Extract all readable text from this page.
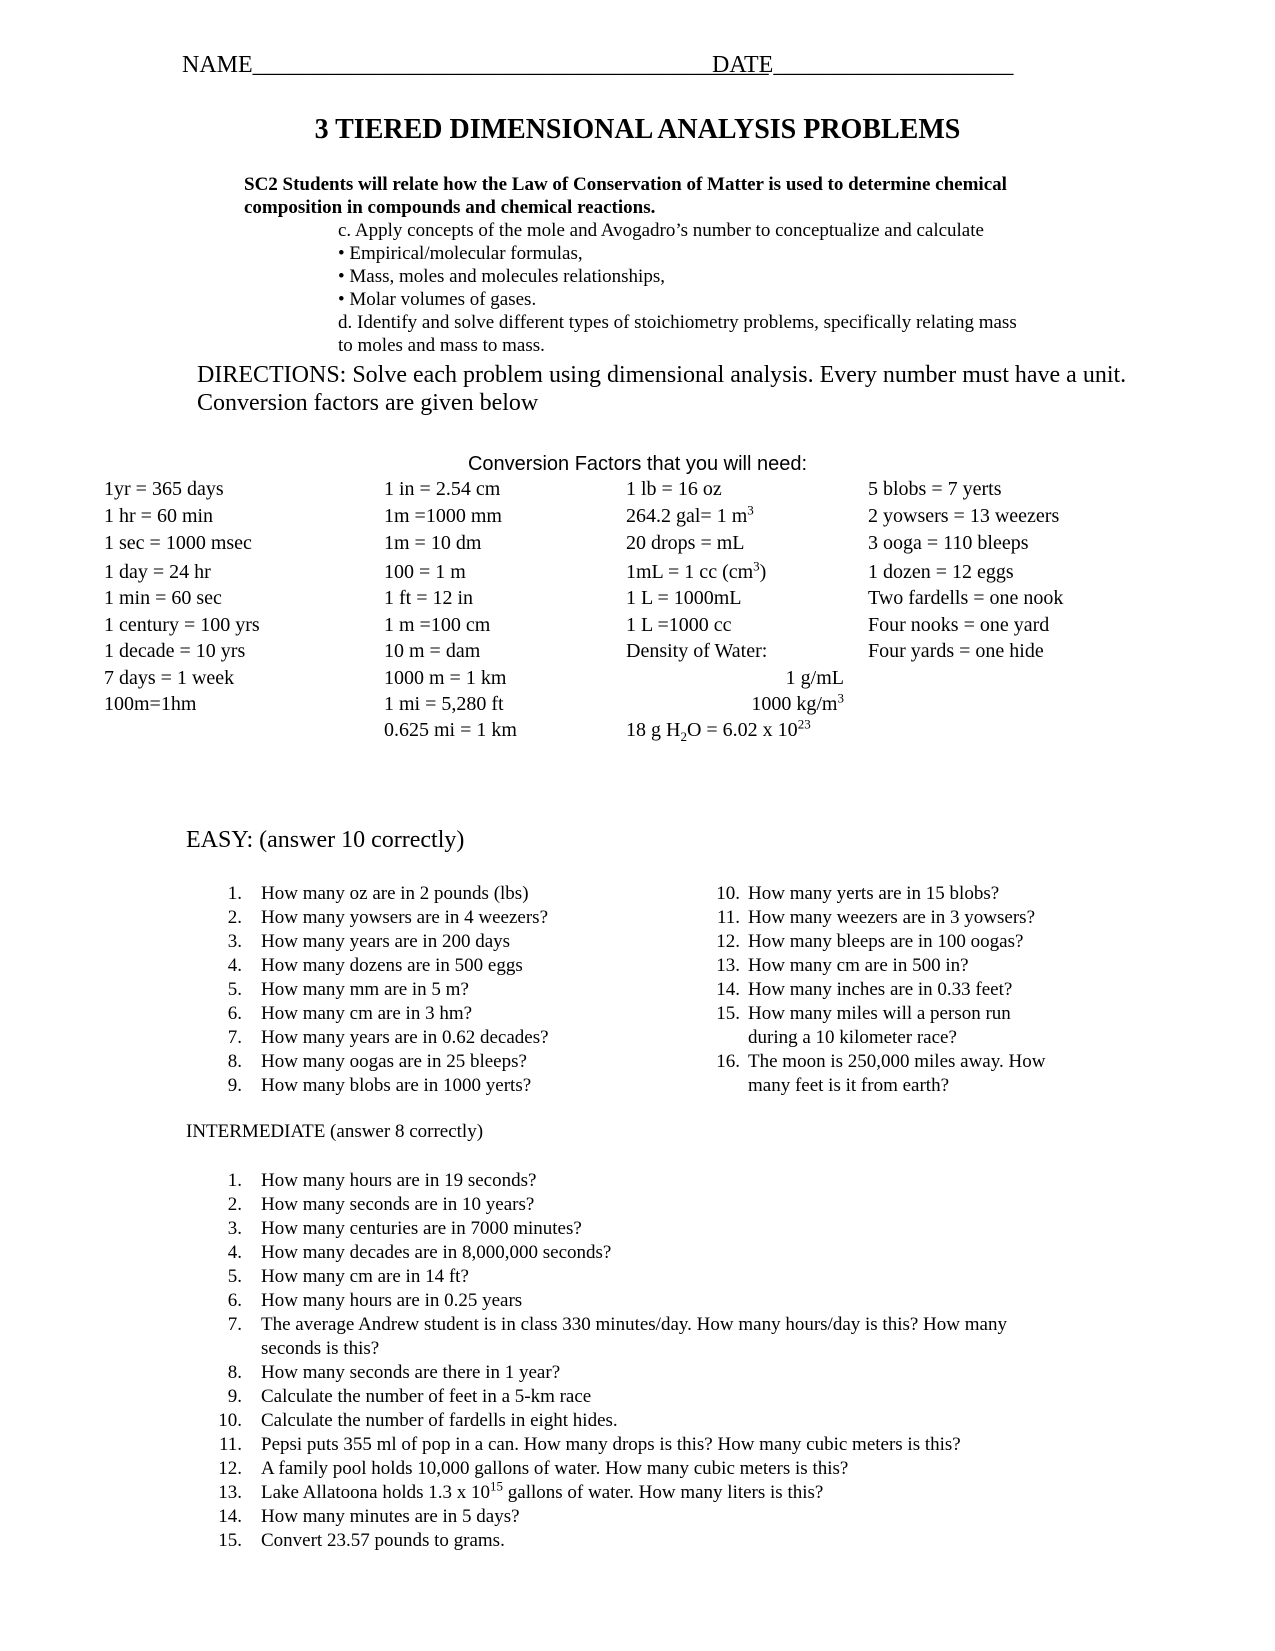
NAME___________________________________________
DATE____________________
3 TIERED DIMENSIONAL ANALYSIS PROBLEMS
SC2 Students will relate how the Law of Conservation of Matter is used to determine chemical
composition in compounds and chemical reactions.
c. Apply concepts of the mole and Avogadro’s number to conceptualize and calculate
• Empirical/molecular formulas,
• Mass, moles and molecules relationships,
• Molar volumes of gases.
d. Identify and solve different types of stoichiometry problems, specifically relating mass
to moles and mass to mass.
DIRECTIONS: Solve each problem using dimensional analysis. Every number must have a unit.
Conversion factors are given below
Conversion Factors that you will need:
1yr = 365 days
1 hr = 60 min
1 sec = 1000 msec
1 day = 24 hr
1 min = 60 sec
1 century = 100 yrs
1 decade = 10 yrs
7 days = 1 week
100m=1hm
1 in = 2.54 cm
1m =1000 mm
1m = 10 dm
100 = 1 m
1 ft = 12 in
1 m =100 cm
10 m = dam
1000 m = 1 km
1 mi = 5,280 ft
0.625 mi = 1 km
1 lb = 16 oz
264.2 gal= 1 $m^3$
20 drops = mL
1mL = 1 cc $(cm^3)$
1 L = 1000mL
1 L =1000 cc
Density of Water:
1 g/mL
1000 $kg/m^3$
18 g $H_2O = 6.02$ x $10^{23}$
5 blobs = 7 yerts
2 yowsers = 13 weezers
3 ooga = 110 bleeps
1 dozen = 12 eggs
Two fardells = one nook
Four nooks = one yard
Four yards = one hide
EASY: (answer 10 correctly)
1. How many oz are in 2 pounds (lbs)
2. How many yowsers are in 4 weezers?
3. How many years are in 200 days
4. How many dozens are in 500 eggs
5. How many mm are in 5 m?
6. How many cm are in 3 hm?
7. How many years are in 0.62 decades?
8. How many oogas are in 25 bleeps?
9. How many blobs are in 1000 yerts?
10. How many yerts are in 15 blobs?
11. How many weezers are in 3 yowsers?
12. How many bleeps are in 100 oogas?
13. How many cm are in 500 in?
14. How many inches are in 0.33 feet?
15. How many miles will a person run
during a 10 kilometer race?
16. The moon is 250,000 miles away. How
many feet is it from earth?
INTERMEDIATE (answer 8 correctly)
1. How many hours are in 19 seconds?
2. How many seconds are in 10 years?
3. How many centuries are in 7000 minutes?
4. How many decades are in 8,000,000 seconds?
5. How many cm are in 14 ft?
6. How many hours are in 0.25 years
7. The average Andrew student is in class 330 minutes/day. How many hours/day is this? How many
seconds is this?
8. How many seconds are there in 1 year?
9. Calculate the number of feet in a 5-km race
10. Calculate the number of fardells in eight hides.
11. Pepsi puts 355 ml of pop in a can. How many drops is this? How many cubic meters is this?
12. A family pool holds 10,000 gallons of water. How many cubic meters is this?
13. Lake Allatoona holds 1.3 x $10^{15}$ gallons of water. How many liters is this?
14. How many minutes are in 5 days?
15. Convert 23.57 pounds to grams.
